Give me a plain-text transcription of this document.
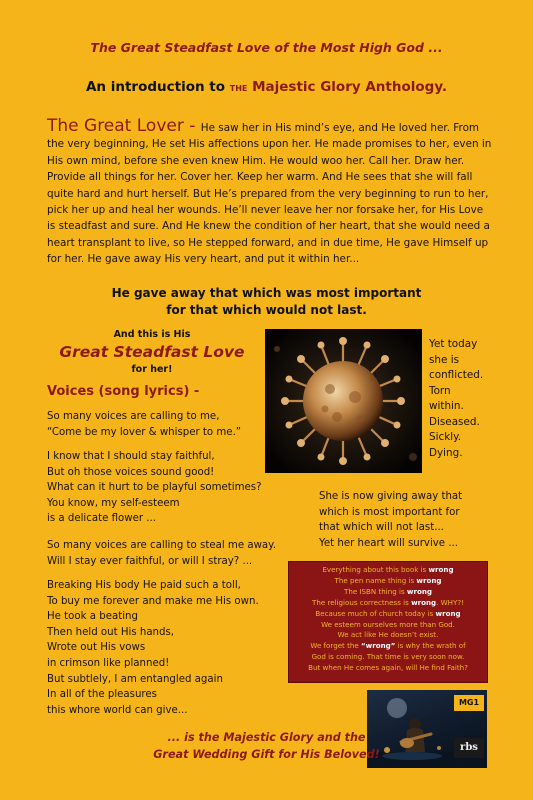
The Great Steadfast Love of the Most High God ...
An introduction to THE Majestic Glory Anthology.
The Great Lover - He saw her in His mind’s eye, and He loved her. From the very beginning, He set His affections upon her. He made promises to her, even in His own mind, before she even knew Him. He would woo her. Call her. Draw her. Provide all things for her. Cover her. Keep her warm. And He sees that she will fall quite hard and hurt herself. But He’s prepared from the very beginning to run to her, pick her up and heal her wounds. He’ll never leave her nor forsake her, for His Love is steadfast and sure. And He knew the condition of her heart, that she would need a heart transplant to live, so He stepped forward, and in due time, He gave Himself up for her. He gave away His very heart, and put it within her...
He gave away that which was most important
for that which would not last.
And this is His
Great Steadfast Love
for her!
Yet today
she is
conflicted.
Torn
within.
Diseased.
Sickly.
Dying.
Voices (song lyrics) -
So many voices are calling to me,
“Come be my lover & whisper to me.”
I know that I should stay faithful,
But oh those voices sound good!
What can it hurt to be playful sometimes?
You know, my self-esteem
is a delicate flower ...
So many voices are calling to steal me away.
Will I stay ever faithful, or will I stray? ...
Breaking His body He paid such a toll,
To buy me forever and make me His own.
He took a beating
Then held out His hands,
Wrote out His vows
in crimson like planned!
But subtlely, I am entangled again
In all of the pleasures
this whore world can give...
She is now giving away that
which is most important for
that which will not last...
Yet her heart will survive ...
Everything about this book is wrong
The pen name thing is wrong
The ISBN thing is wrong
The religious correctness is wrong. WHY?!
Because much of church today is wrong
We esteem ourselves more than God.
We act like He doesn’t exist.
We forget the “wrong” is why the wrath of
God is coming. That time is very soon now.
But when He comes again, will He find Faith?
MG1
rbs
... is the Majestic Glory and the
Great Wedding Gift for His Beloved!
